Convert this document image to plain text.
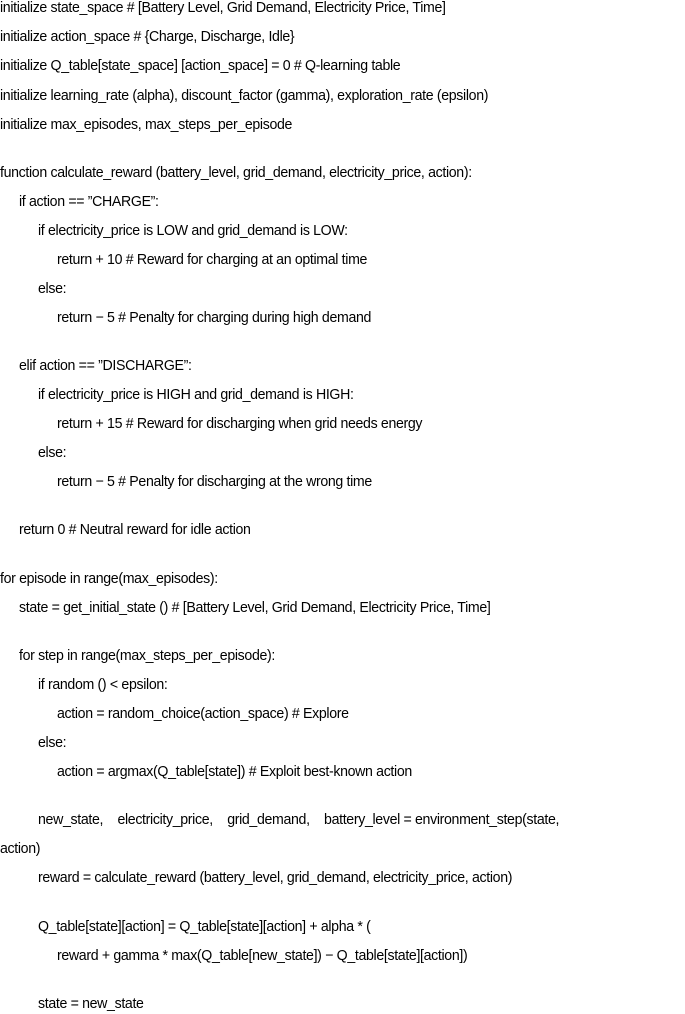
initialize state_space # [Battery Level, Grid Demand, Electricity Price, Time]
initialize action_space # {Charge, Discharge, Idle}
initialize Q_table[state_space] [action_space] = 0 # Q-learning table
initialize learning_rate (alpha), discount_factor (gamma), exploration_rate (epsilon)
initialize max_episodes, max_steps_per_episode
function calculate_reward (battery_level, grid_demand, electricity_price, action):
if action == ”CHARGE”:
if electricity_price is LOW and grid_demand is LOW:
return + 10 # Reward for charging at an optimal time
else:
return − 5 # Penalty for charging during high demand
elif action == ”DISCHARGE”:
if electricity_price is HIGH and grid_demand is HIGH:
return + 15 # Reward for discharging when grid needs energy
else:
return − 5 # Penalty for discharging at the wrong time
return 0 # Neutral reward for idle action
for episode in range(max_episodes):
state = get_initial_state () # [Battery Level, Grid Demand, Electricity Price, Time]
for step in range(max_steps_per_episode):
if random () < epsilon:
action = random_choice(action_space) # Explore
else:
action = argmax(Q_table[state]) # Exploit best-known action
new_state,    electricity_price,    grid_demand,    battery_level = environment_step(state,
action)
reward = calculate_reward (battery_level, grid_demand, electricity_price, action)
Q_table[state][action] = Q_table[state][action] + alpha * (
reward + gamma * max(Q_table[new_state]) − Q_table[state][action])
state = new_state
